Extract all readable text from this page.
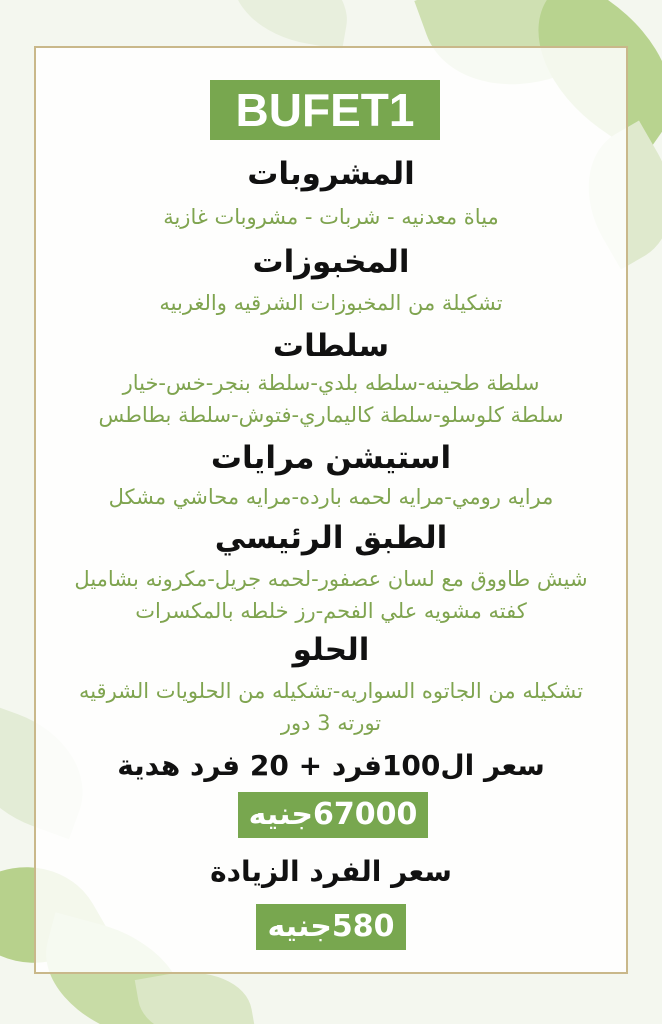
BUFET1
المشروبات
مياة معدنيه - شربات - مشروبات غازية
المخبوزات
تشكيلة من المخبوزات الشرقيه والغربيه
سلطات
سلطة طحينه-سلطه بلدي-سلطة بنجر-خس-خيار
سلطة كلوسلو-سلطة كاليماري-فتوش-سلطة بطاطس
استيشن مرايات
مرايه رومي-مرايه لحمه بارده-مرايه محاشي مشكل
الطبق الرئيسي
شيش طاووق مع لسان عصفور-لحمه جريل-مكرونه بشاميل
كفته مشويه علي الفحم-رز خلطه بالمكسرات
الحلو
تشكيله من الجاتوه السواريه-تشكيله من الحلويات الشرقيه
تورته 3 دور
سعر ال100فرد + 20 فرد هدية
67000جنيه
سعر الفرد الزيادة
580جنيه
